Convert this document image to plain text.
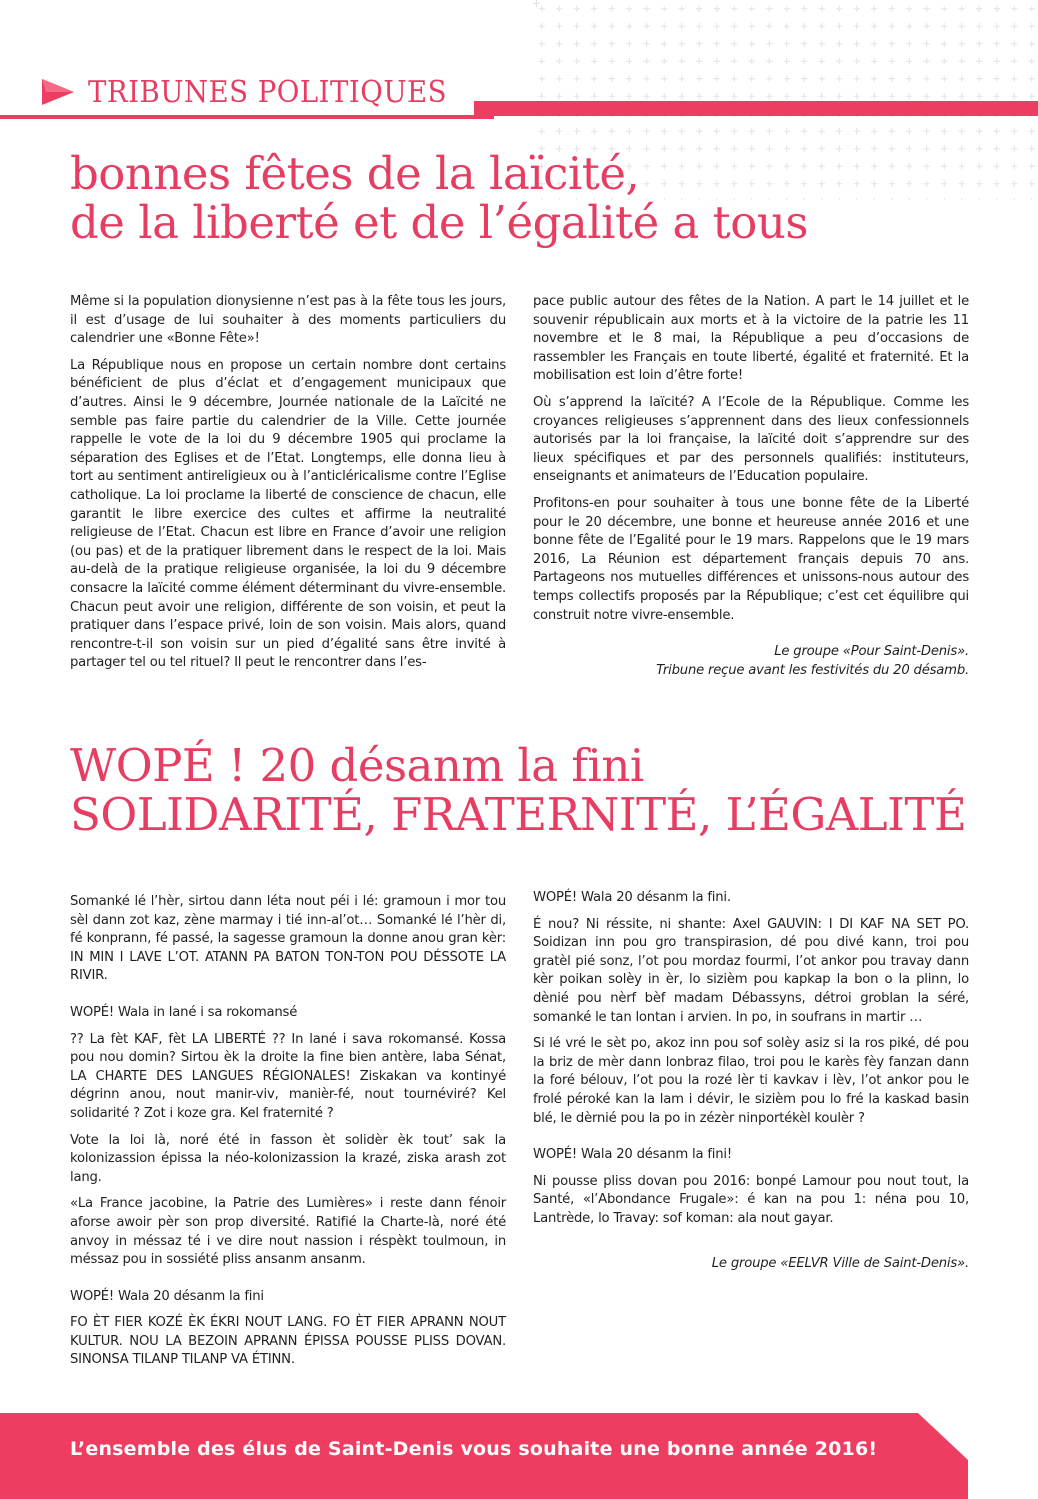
TRIBUNES POLITIQUES
bonnes fêtes de la laïcité,
de la liberté et de l’égalité a tous

Même si la population dionysienne n’est pas à la fête tous les jours, il est d’usage de lui souhaiter à des moments particuliers du calendrier une «Bonne Fête»!

La République nous en propose un certain nombre dont certains bénéficient de plus d’éclat et d’engagement municipaux que d’autres. Ainsi le 9 décembre, Journée nationale de la Laïcité ne semble pas faire partie du calendrier de la Ville. Cette journée rappelle le vote de la loi du 9 décembre 1905 qui proclame la séparation des Eglises et de l’Etat. Longtemps, elle donna lieu à tort au sentiment antireligieux ou à l’anticléricalisme contre l’Eglise catholique. La loi proclame la liberté de conscience de chacun, elle garantit le libre exercice des cultes et affirme la neutralité religieuse de l’Etat. Chacun est libre en France d’avoir une religion (ou pas) et de la pratiquer librement dans le respect de la loi. Mais au-delà de la pratique religieuse organisée, la loi du 9 décembre consacre la laïcité comme élément déterminant du vivre-ensemble. Chacun peut avoir une religion, différente de son voisin, et peut la pratiquer dans l’espace privé, loin de son voisin. Mais alors, quand rencontre-t-il son voisin sur un pied d’égalité sans être invité à partager tel ou tel rituel? Il peut le rencontrer dans l’es-

pace public autour des fêtes de la Nation. A part le 14 juillet et le souvenir républicain aux morts et à la victoire de la patrie les 11 novembre et le 8 mai, la République a peu d’occasions de rassembler les Français en toute liberté, égalité et fraternité. Et la mobilisation est loin d’être forte!

Où s’apprend la laïcité? A l’Ecole de la République. Comme les croyances religieuses s’apprennent dans des lieux confessionnels autorisés par la loi française, la laïcité doit s’apprendre sur des lieux spécifiques et par des personnels qualifiés: instituteurs, enseignants et animateurs de l’Education populaire.

Profitons-en pour souhaiter à tous une bonne fête de la Liberté pour le 20 décembre, une bonne et heureuse année 2016 et une bonne fête de l’Egalité pour le 19 mars. Rappelons que le 19 mars 2016, La Réunion est département français depuis 70 ans. Partageons nos mutuelles différences et unissons-nous autour des temps collectifs proposés par la République; c’est cet équilibre qui construit notre vivre-ensemble.

Le groupe «Pour Saint-Denis».

Tribune reçue avant les festivités du 20 désamb.

WOPÉ ! 20 désanm la fini
SOLIDARITÉ, FRATERNITÉ, L’ÉGALITÉ

Somanké lé l’hèr, sirtou dann léta nout péi i lé: gramoun i mor tou sèl dann zot kaz, zène marmay i tié inn-al’ot… Somanké lé l’hèr di, fé konprann, fé passé, la sagesse gramoun la donne anou gran kèr: IN MIN I LAVE L’OT. ATANN PA BATON TON-TON POU DÉSSOTE LA RIVIR.

WOPÉ! Wala in lané i sa rokomansé

?? La fèt KAF, fèt LA LIBERTÉ ?? In lané i sava rokomansé. Kossa pou nou domin? Sirtou èk la droite la fine bien antère, laba Sénat, LA CHARTE DES LANGUES RÉGIONALES! Ziskakan va kontinyé dégrinn anou, nout manir-viv, manièr-fé, nout tournéviré? Kel solidarité ? Zot i koze gra. Kel fraternité ?

Vote la loi là, noré été in fasson èt solidèr èk tout’ sak la kolonizassion épissa la néo-kolonizassion la krazé, ziska arash zot lang.

«La France jacobine, la Patrie des Lumières» i reste dann fénoir aforse awoir pèr son prop diversité. Ratifié la Charte-là, noré été anvoy in méssaz té i ve dire nout nassion i réspèkt toulmoun, in méssaz pou in sossiété pliss ansanm ansanm.

WOPÉ! Wala 20 désanm la fini

FO ÈT FIER KOZÉ ÈK ÉKRI NOUT LANG. FO ÈT FIER APRANN NOUT KULTUR. NOU LA BEZOIN APRANN ÉPISSA POUSSE PLISS DOVAN. SINONSA TILANP TILANP VA ÉTINN.

WOPÉ! Wala 20 désanm la fini.

É nou? Ni réssite, ni shante: Axel GAUVIN: I DI KAF NA SET PO. Soidizan inn pou gro transpirasion, dé pou divé kann, troi pou gratèl pié sonz, l’ot pou mordaz fourmi, l’ot ankor pou travay dann kèr poikan solèy in èr, lo sizièm pou kapkap la bon o la plinn, lo dènié pou nèrf bèf madam Débassyns, détroi groblan la séré, somanké le tan lontan i arvien. In po, in soufrans in martir …

Si lé vré le sèt po, akoz inn pou sof solèy asiz si la ros piké, dé pou la briz de mèr dann lonbraz filao, troi pou le karès fèy fanzan dann la foré bélouv, l’ot pou la rozé lèr ti kavkav i lèv, l’ot ankor pou le frolé péroké kan la lam i dévir, le sizièm pou lo fré la kaskad basin blé, le dèrnié pou la po in zézèr ninportékèl koulèr ?

WOPÉ! Wala 20 désanm la fini!

Ni pousse pliss dovan pou 2016: bonpé Lamour pou nout tout, la Santé, «l’Abondance Frugale»: é kan na pou 1: néna pou 10, Lantrède, lo Travay: sof koman: ala nout gayar.

Le groupe «EELVR Ville de Saint-Denis».

L’ensemble des élus de Saint-Denis vous souhaite une bonne année 2016!
